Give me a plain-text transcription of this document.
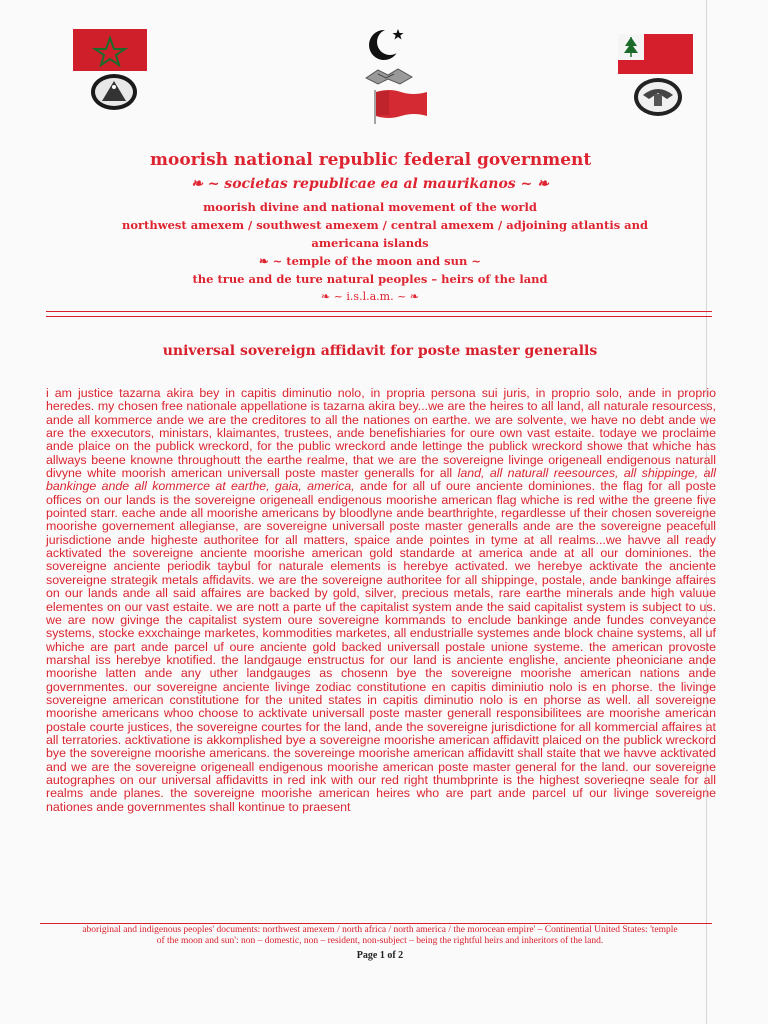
moorish national republic federal government
❧ ~ societas republicae ea al maurikanos ~ ❧
moorish divine and national movement of the world
northwest amexem / southwest amexem / central amexem / adjoining atlantis and
americana islands
❧ ~ temple of the moon and sun ~
the true and de ture natural peoples – heirs of the land
❧ ~ i.s.l.a.m. ~ ❧
universal sovereign affidavit for poste master generalls
i am justice tazarna akira bey in capitis diminutio nolo, in propria persona sui juris, in proprio solo, ande in proprio heredes. my chosen free nationale appellatione is tazarna akira bey...we are the heires to all land, all naturale resourcess, ande all kommerce ande we are the creditores to all the nationes on earthe. we are solvente, we have no debt ande we are the exxecutors, ministars, klaimantes, trustees, ande benefishiaries for oure own vast estaite. todaye we proclaime ande plaice on the publick wreckord, for the public wreckord ande lettinge the publick wreckord showe that whiche has allways beene knowne throughoutt the earthe realme, that we are the sovereigne livinge origeneall endigenous naturall divyne white moorish american universall poste master generalls for all land, all naturall reesources, all shippinge, all bankinge ande all kommerce at earthe, gaia, america, ande for all uf oure anciente dominiones. the flag for all poste offices on our lands is the sovereigne origeneall endigenous moorishe american flag whiche is red withe the greene five pointed starr. eache ande all moorishe americans by bloodlyne ande bearthrighte, regardlesse uf their chosen sovereigne moorishe governement allegianse, are sovereigne universall poste master generalls ande are the sovereigne peacefull jurisdictione ande higheste authoritee for all matters, spaice ande pointes in tyme at all realms...we havve all ready acktivated the sovereigne anciente moorishe american gold standarde at america ande at all our dominiones. the sovereigne anciente periodik taybul for naturale elements is herebye activated. we herebye acktivate the anciente sovereigne strategik metals affidavits. we are the sovereigne authoritee for all shippinge, postale, ande bankinge affaires on our lands ande all said affaires are backed by gold, silver, precious metals, rare earthe minerals ande high valuue elementes on our vast estaite. we are nott a parte uf the capitalist system ande the said capitalist system is subject to us. we are now givinge the capitalist system oure sovereigne kommands to enclude bankinge ande fundes conveyance systems, stocke exxchainge marketes, kommodities marketes, all endustrialle systemes ande block chaine systems, all uf whiche are part ande parcel uf oure anciente gold backed universall postale unione systeme. the american provoste marshal iss herebye knotified. the landgauge enstructus for our land is anciente englishe, anciente pheoniciane ande moorishe latten ande any uther landgauges as chosenn bye the sovereigne moorishe american nations ande governmentes. our sovereigne anciente livinge zodiac constitutione en capitis diminiutio nolo is en phorse. the livinge sovereigne american constitutione for the united states in capitis diminutio nolo is en phorse as well. all sovereigne moorishe americans whoo choose to acktivate universall poste master generall responsibilitees are moorishe american postale courte justices, the sovereigne courtes for the land, ande the sovereigne jurisdictione for all kommercial affaires at all terratories. acktivatione is akkomplished bye a sovereigne moorishe american affidavitt plaiced on the publick wreckord bye the sovereigne moorishe americans. the sovereinge moorishe american affidavitt shall staite that we havve acktivated and we are the sovereigne origeneall endigenous moorishe american poste master general for the land. our sovereigne autographes on our universal affidavitts in red ink with our red right thumbprinte is the highest soverieqne seale for all realms ande planes. the sovereigne moorishe american heires who are part ande parcel uf our livinge sovereigne nationes ande governmentes shall kontinue to praesent
aboriginal and indigenous peoples' documents: northwest amexem / north africa / north america / the morocean empire' – Continential United States: 'temple
of the moon and sun': non – domestic, non – resident, non-subject – being the rightful heirs and inheritors of the land.
Page 1 of 2
